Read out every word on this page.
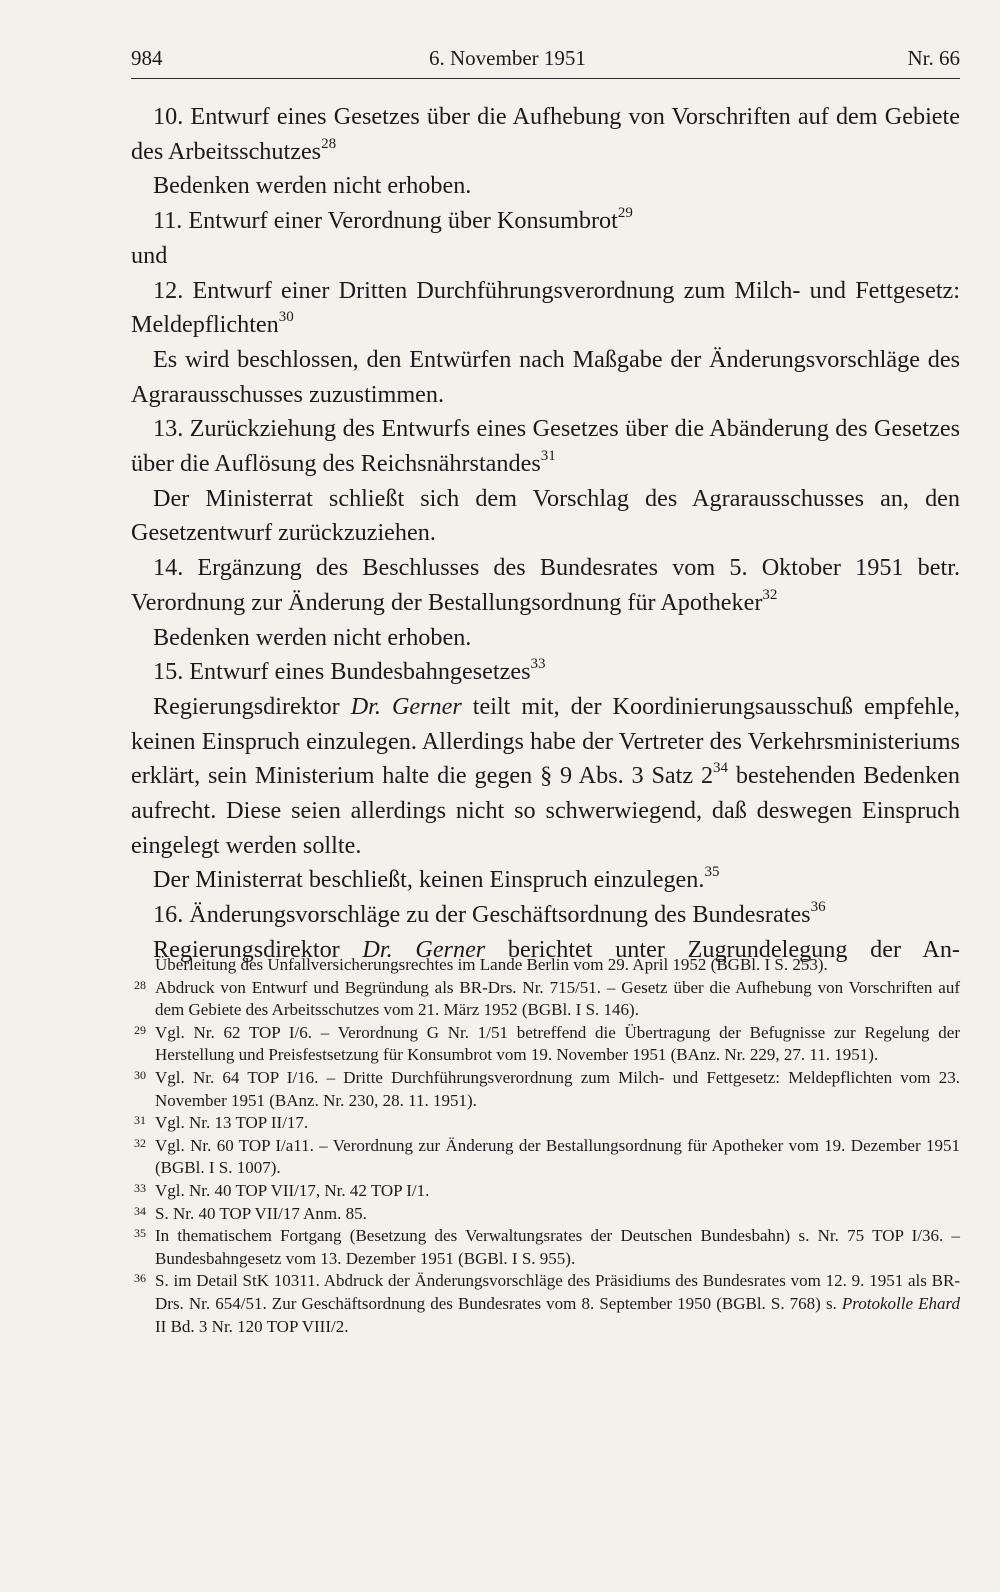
984	6. November 1951	Nr. 66

10. Entwurf eines Gesetzes über die Aufhebung von Vorschriften auf dem Gebiete des Arbeitsschutzes$^{28}$

Bedenken werden nicht erhoben.

11. Entwurf einer Verordnung über Konsumbrot$^{29}$

und

12. Entwurf einer Dritten Durchführungsverordnung zum Milch- und Fettgesetz: Meldepflichten$^{30}$

Es wird beschlossen, den Entwürfen nach Maßgabe der Änderungsvorschläge des Agrarausschusses zuzustimmen.

13. Zurückziehung des Entwurfs eines Gesetzes über die Abänderung des Gesetzes über die Auflösung des Reichsnährstandes$^{31}$

Der Ministerrat schließt sich dem Vorschlag des Agrarausschusses an, den Gesetzentwurf zurückzuziehen.

14. Ergänzung des Beschlusses des Bundesrates vom 5. Oktober 1951 betr. Verordnung zur Änderung der Bestallungsordnung für Apotheker$^{32}$

Bedenken werden nicht erhoben.

15. Entwurf eines Bundesbahngesetzes$^{33}$

Regierungsdirektor Dr. Gerner teilt mit, der Koordinierungsausschuß empfehle, keinen Einspruch einzulegen. Allerdings habe der Vertreter des Verkehrsministeriums erklärt, sein Ministerium halte die gegen § 9 Abs. 3 Satz $2^{34}$ bestehenden Bedenken aufrecht. Diese seien allerdings nicht so schwerwiegend, daß deswegen Einspruch eingelegt werden sollte.

Der Ministerrat beschließt, keinen Einspruch einzulegen.$^{35}$

16. Änderungsvorschläge zu der Geschäftsordnung des Bundesrates$^{36}$

Regierungsdirektor Dr. Gerner berichtet unter Zugrundelegung der An-

Überleitung des Unfallversicherungsrechtes im Lande Berlin vom 29. April 1952 (BGBl. I S. 253).

28 Abdruck von Entwurf und Begründung als BR-Drs. Nr. 715/51. – Gesetz über die Aufhebung von Vorschriften auf dem Gebiete des Arbeitsschutzes vom 21. März 1952 (BGBl. I S. 146).

29 Vgl. Nr. 62 TOP I/6. – Verordnung G Nr. 1/51 betreffend die Übertragung der Befugnisse zur Regelung der Herstellung und Preisfestsetzung für Konsumbrot vom 19. November 1951 (BAnz. Nr. 229, 27. 11. 1951).

30 Vgl. Nr. 64 TOP I/16. – Dritte Durchführungsverordnung zum Milch- und Fettgesetz: Meldepflichten vom 23. November 1951 (BAnz. Nr. 230, 28. 11. 1951).

31 Vgl. Nr. 13 TOP II/17.

32 Vgl. Nr. 60 TOP I/a11. – Verordnung zur Änderung der Bestallungsordnung für Apotheker vom 19. Dezember 1951 (BGBl. I S. 1007).

33 Vgl. Nr. 40 TOP VII/17, Nr. 42 TOP I/1.

34 S. Nr. 40 TOP VII/17 Anm. 85.

35 In thematischem Fortgang (Besetzung des Verwaltungsrates der Deutschen Bundesbahn) s. Nr. 75 TOP I/36. – Bundesbahngesetz vom 13. Dezember 1951 (BGBl. I S. 955).

36 S. im Detail StK 10311. Abdruck der Änderungsvorschläge des Präsidiums des Bundesrates vom 12. 9. 1951 als BR-Drs. Nr. 654/51. Zur Geschäftsordnung des Bundesrates vom 8. September 1950 (BGBl. S. 768) s. Protokolle Ehard II Bd. 3 Nr. 120 TOP VIII/2.
